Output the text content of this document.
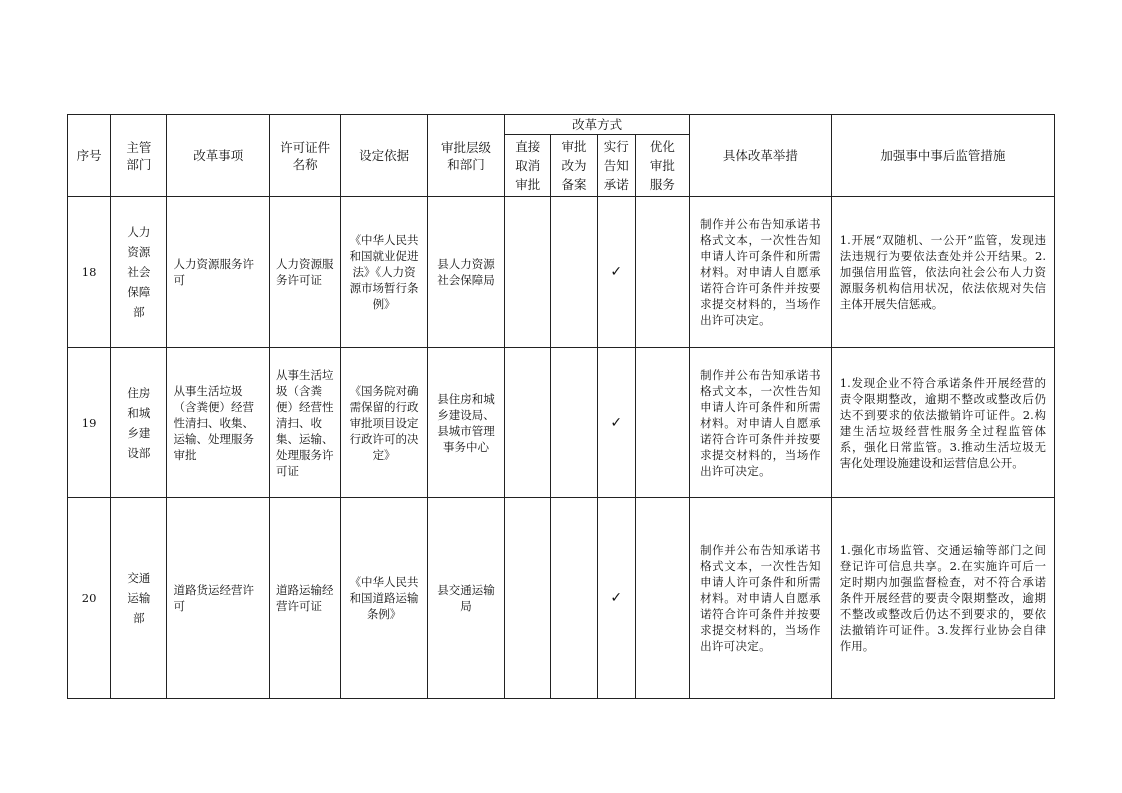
序号	主管部门	改革事项	许可证件名称	设定依据	审批层级和部门	改革方式				具体改革举措	加强事中事后监管措施
						直接取消审批	审批改为备案	实行告知承诺	优化审批服务		
18	人力资源社会保障部	人力资源服务许可	人力资源服务许可证	《中华人民共和国就业促进法》《人力资源市场暂行条例》	县人力资源社会保障局			✓		制作并公布告知承诺书格式文本，一次性告知申请人许可条件和所需材料。对申请人自愿承诺符合许可条件并按要求提交材料的，当场作出许可决定。	1.开展“双随机、一公开”监管，发现违法违规行为要依法查处并公开结果。2.加强信用监管，依法向社会公布人力资源服务机构信用状况，依法依规对失信主体开展失信惩戒。
19	住房和城乡建设部	从事生活垃圾（含粪便）经营性清扫、收集、运输、处理服务审批	从事生活垃圾（含粪便）经营性清扫、收集、运输、处理服务许可证	《国务院对确需保留的行政审批项目设定行政许可的决定》	县住房和城乡建设局、县城市管理事务中心			✓		制作并公布告知承诺书格式文本，一次性告知申请人许可条件和所需材料。对申请人自愿承诺符合许可条件并按要求提交材料的，当场作出许可决定。	1.发现企业不符合承诺条件开展经营的责令限期整改，逾期不整改或整改后仍达不到要求的依法撤销许可证件。2.构建生活垃圾经营性服务全过程监管体系，强化日常监管。3.推动生活垃圾无害化处理设施建设和运营信息公开。
20	交通运输部	道路货运经营许可	道路运输经营许可证	《中华人民共和国道路运输条例》	县交通运输局			✓		制作并公布告知承诺书格式文本，一次性告知申请人许可条件和所需材料。对申请人自愿承诺符合许可条件并按要求提交材料的，当场作出许可决定。	1.强化市场监管、交通运输等部门之间登记许可信息共享。2.在实施许可后一定时期内加强监督检查，对不符合承诺条件开展经营的要责令限期整改，逾期不整改或整改后仍达不到要求的，要依法撤销许可证件。3.发挥行业协会自律作用。
